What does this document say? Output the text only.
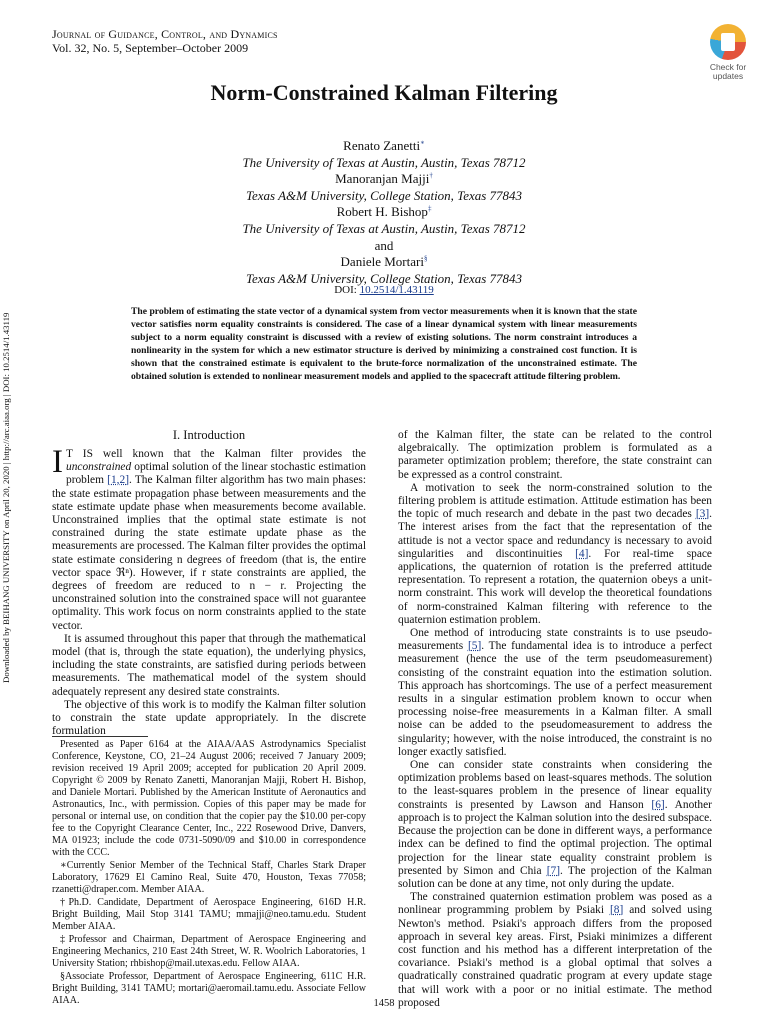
Journal of Guidance, Control, and Dynamics
Vol. 32, No. 5, September–October 2009
Check for
updates
Downloaded by BEIHANG UNIVERSITY on April 20, 2020 | http://arc.aiaa.org | DOI: 10.2514/1.43119
Norm-Constrained Kalman Filtering
Renato Zanetti∗
The University of Texas at Austin, Austin, Texas 78712
Manoranjan Majji†
Texas A&M University, College Station, Texas 77843
Robert H. Bishop‡
The University of Texas at Austin, Austin, Texas 78712
and
Daniele Mortari§
Texas A&M University, College Station, Texas 77843
DOI: 10.2514/1.43119
The problem of estimating the state vector of a dynamical system from vector measurements when it is known that the state vector satisfies norm equality constraints is considered. The case of a linear dynamical system with linear measurements subject to a norm equality constraint is discussed with a review of existing solutions. The norm constraint introduces a nonlinearity in the system for which a new estimator structure is derived by minimizing a constrained cost function. It is shown that the constrained estimate is equivalent to the brute-force normalization of the unconstrained estimate. The obtained solution is extended to nonlinear measurement models and applied to the spacecraft attitude filtering problem.
I. Introduction

I T IS well known that the Kalman filter provides the unconstrained optimal solution of the linear stochastic estimation problem [1,2]. The Kalman filter algorithm has two main phases: the state estimate propagation phase between measurements and the state estimate update phase when measurements become available. Unconstrained implies that the optimal state estimate is not constrained during the state estimate update phase as the measurements are processed. The Kalman filter provides the optimal state estimate considering n degrees of freedom (that is, the entire vector space ℜⁿ). However, if r state constraints are applied, the degrees of freedom are reduced to n − r. Projecting the unconstrained solution into the constrained space will not guarantee optimality. This work focus on norm constraints applied to the state vector.

It is assumed throughout this paper that through the mathematical model (that is, through the state equation), the underlying physics, including the state constraints, are satisfied during periods between measurements. The mathematical model of the system should adequately represent any desired state constraints.

The objective of this work is to modify the Kalman filter solution to constrain the state update appropriately. In the discrete formulation

Presented as Paper 6164 at the AIAA/AAS Astrodynamics Specialist Conference, Keystone, CO, 21–24 August 2006; received 7 January 2009; revision received 19 April 2009; accepted for publication 20 April 2009. Copyright © 2009 by Renato Zanetti, Manoranjan Majji, Robert H. Bishop, and Daniele Mortari. Published by the American Institute of Aeronautics and Astronautics, Inc., with permission. Copies of this paper may be made for personal or internal use, on condition that the copier pay the $10.00 per-copy fee to the Copyright Clearance Center, Inc., 222 Rosewood Drive, Danvers, MA 01923; include the code 0731-5090/09 and $10.00 in correspondence with the CCC.

∗Currently Senior Member of the Technical Staff, Charles Stark Draper Laboratory, 17629 El Camino Real, Suite 470, Houston, Texas 77058; rzanetti@draper.com. Member AIAA.

†Ph.D. Candidate, Department of Aerospace Engineering, 616D H.R. Bright Building, Mail Stop 3141 TAMU; mmajji@neo.tamu.edu. Student Member AIAA.

‡Professor and Chairman, Department of Aerospace Engineering and Engineering Mechanics, 210 East 24th Street, W. R. Woolrich Laboratories, 1 University Station; rhbishop@mail.utexas.edu. Fellow AIAA.

§Associate Professor, Department of Aerospace Engineering, 611C H.R. Bright Building, 3141 TAMU; mortari@aeromail.tamu.edu. Associate Fellow AIAA.

of the Kalman filter, the state can be related to the control algebraically. The optimization problem is formulated as a parameter optimization problem; therefore, the state constraint can be expressed as a control constraint.

A motivation to seek the norm-constrained solution to the filtering problem is attitude estimation. Attitude estimation has been the topic of much research and debate in the past two decades [3]. The interest arises from the fact that the representation of the attitude is not a vector space and redundancy is necessary to avoid singularities and discontinuities [4]. For real-time space applications, the quaternion of rotation is the preferred attitude representation. To represent a rotation, the quaternion obeys a unit-norm constraint. This work will develop the theoretical foundations of norm-constrained Kalman filtering with reference to the quaternion estimation problem.

One method of introducing state constraints is to use pseudo-measurements [5]. The fundamental idea is to introduce a perfect measurement (hence the use of the term pseudomeasurement) consisting of the constraint equation into the estimation solution. This approach has shortcomings. The use of a perfect measurement results in a singular estimation problem known to occur when processing noise-free measurements in a Kalman filter. A small noise can be added to the pseudomeasurement to address the singularity; however, with the noise introduced, the constraint is no longer exactly satisfied.

One can consider state constraints when considering the optimization problems based on least-squares methods. The solution to the least-squares problem in the presence of linear equality constraints is presented by Lawson and Hanson [6]. Another approach is to project the Kalman solution into the desired subspace. Because the projection can be done in different ways, a performance index can be defined to find the optimal projection. The optimal projection for the linear state equality constraint problem is presented by Simon and Chia [7]. The projection of the Kalman solution can be done at any time, not only during the update.

The constrained quaternion estimation problem was posed as a nonlinear programming problem by Psiaki [8] and solved using Newton's method. Psiaki's approach differs from the proposed approach in several key areas. First, Psiaki minimizes a different cost function and his method has a different interpretation of the covariance. Psiaki's method is a global optimal that solves a quadratically constrained quadratic program at every update stage that will work with a poor or no initial estimate. The method proposed

1458
